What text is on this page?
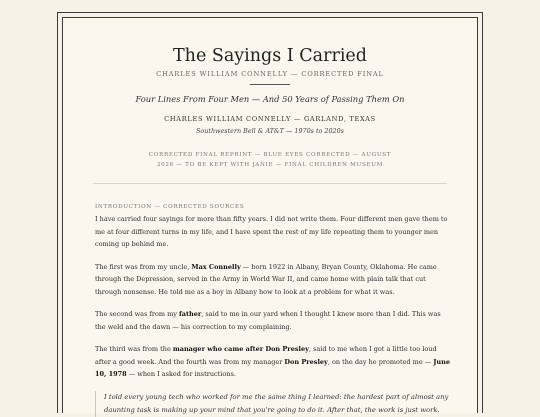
The Sayings I Carried
CHARLES WILLIAM CONNELLY — CORRECTED FINAL
Four Lines From Four Men — And 50 Years of Passing Them On
CHARLES WILLIAM CONNELLY — GARLAND, TEXAS
Southwestern Bell & AT&T — 1970s to 2020s
CORRECTED FINAL REPRINT — BLUE EYES CORRECTED — AUGUST 2026 — TO BE KEPT WITH JANIE — FINAL CHILDREN MUSEUM
INTRODUCTION — CORRECTED SOURCES

I have carried four sayings for more than fifty years. I did not write them. Four different men gave them to me at four different turns in my life, and I have spent the rest of my life repeating them to younger men coming up behind me.

The first was from my uncle, Max Connelly — born 1922 in Albany, Bryan County, Oklahoma. He came through the Depression, served in the Army in World War II, and came home with plain talk that cut through nonsense. He told me as a boy in Albany how to look at a problem for what it was.

The second was from my father, said to me in our yard when I thought I knew more than I did. This was the weld and the dawn — his correction to my complaining.

The third was from the manager who came after Don Presley, said to me when I got a little too loud after a good week. And the fourth was from my manager Don Presley, on the day he promoted me — June 10, 1978 — when I asked for instructions.

I told every young tech who worked for me the same thing I learned: the hardest part of almost any daunting task is making up your mind that you're going to do it. After that, the work is just work.
